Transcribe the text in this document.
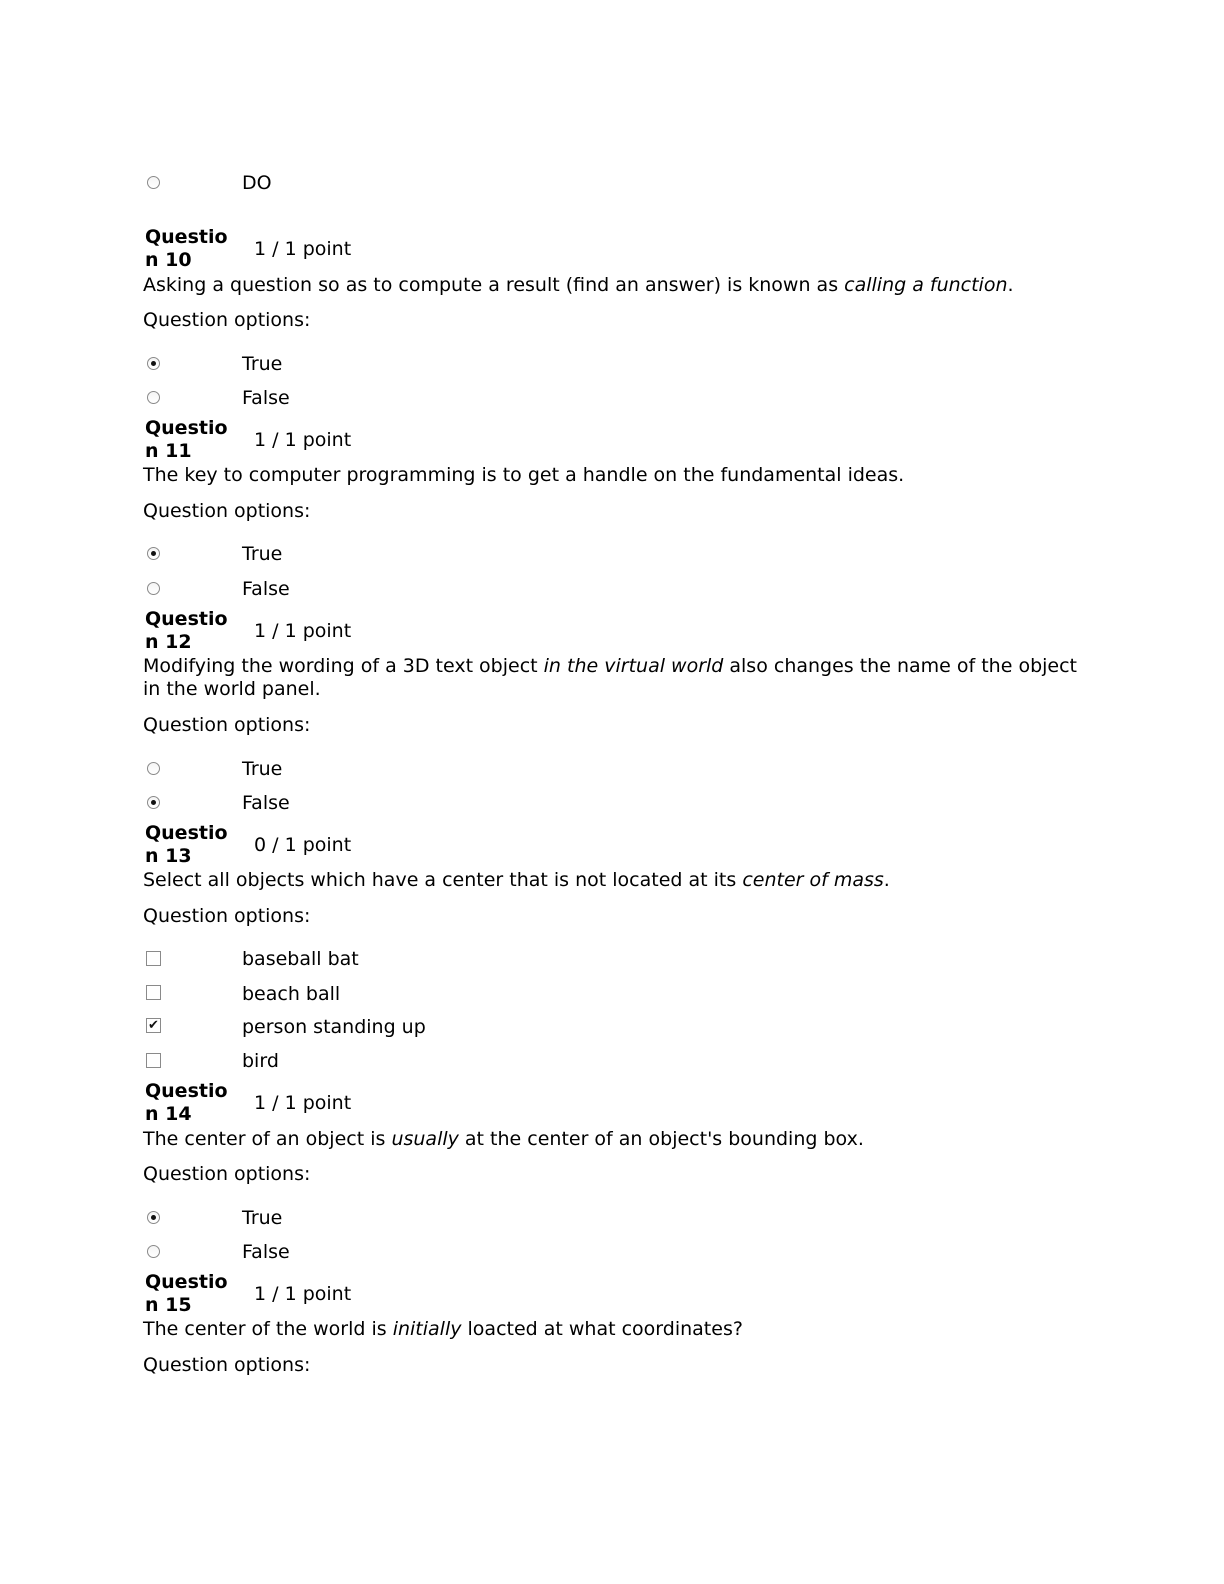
DO
Questio
n 10	1 / 1 point
Asking a question so as to compute a result (find an answer) is known as calling a function.
Question options:
True
False
Questio
n 11	1 / 1 point
The key to computer programming is to get a handle on the fundamental ideas.
Question options:
True
False
Questio
n 12	1 / 1 point
Modifying the wording of a 3D text object in the virtual world also changes the name of the object in the world panel.
Question options:
True
False
Questio
n 13	0 / 1 point
Select all objects which have a center that is not located at its center of mass.
Question options:
baseball bat
beach ball
✔	person standing up
bird
Questio
n 14	1 / 1 point
The center of an object is usually at the center of an object's bounding box.
Question options:
True
False
Questio
n 15	1 / 1 point
The center of the world is initially loacted at what coordinates?
Question options:
